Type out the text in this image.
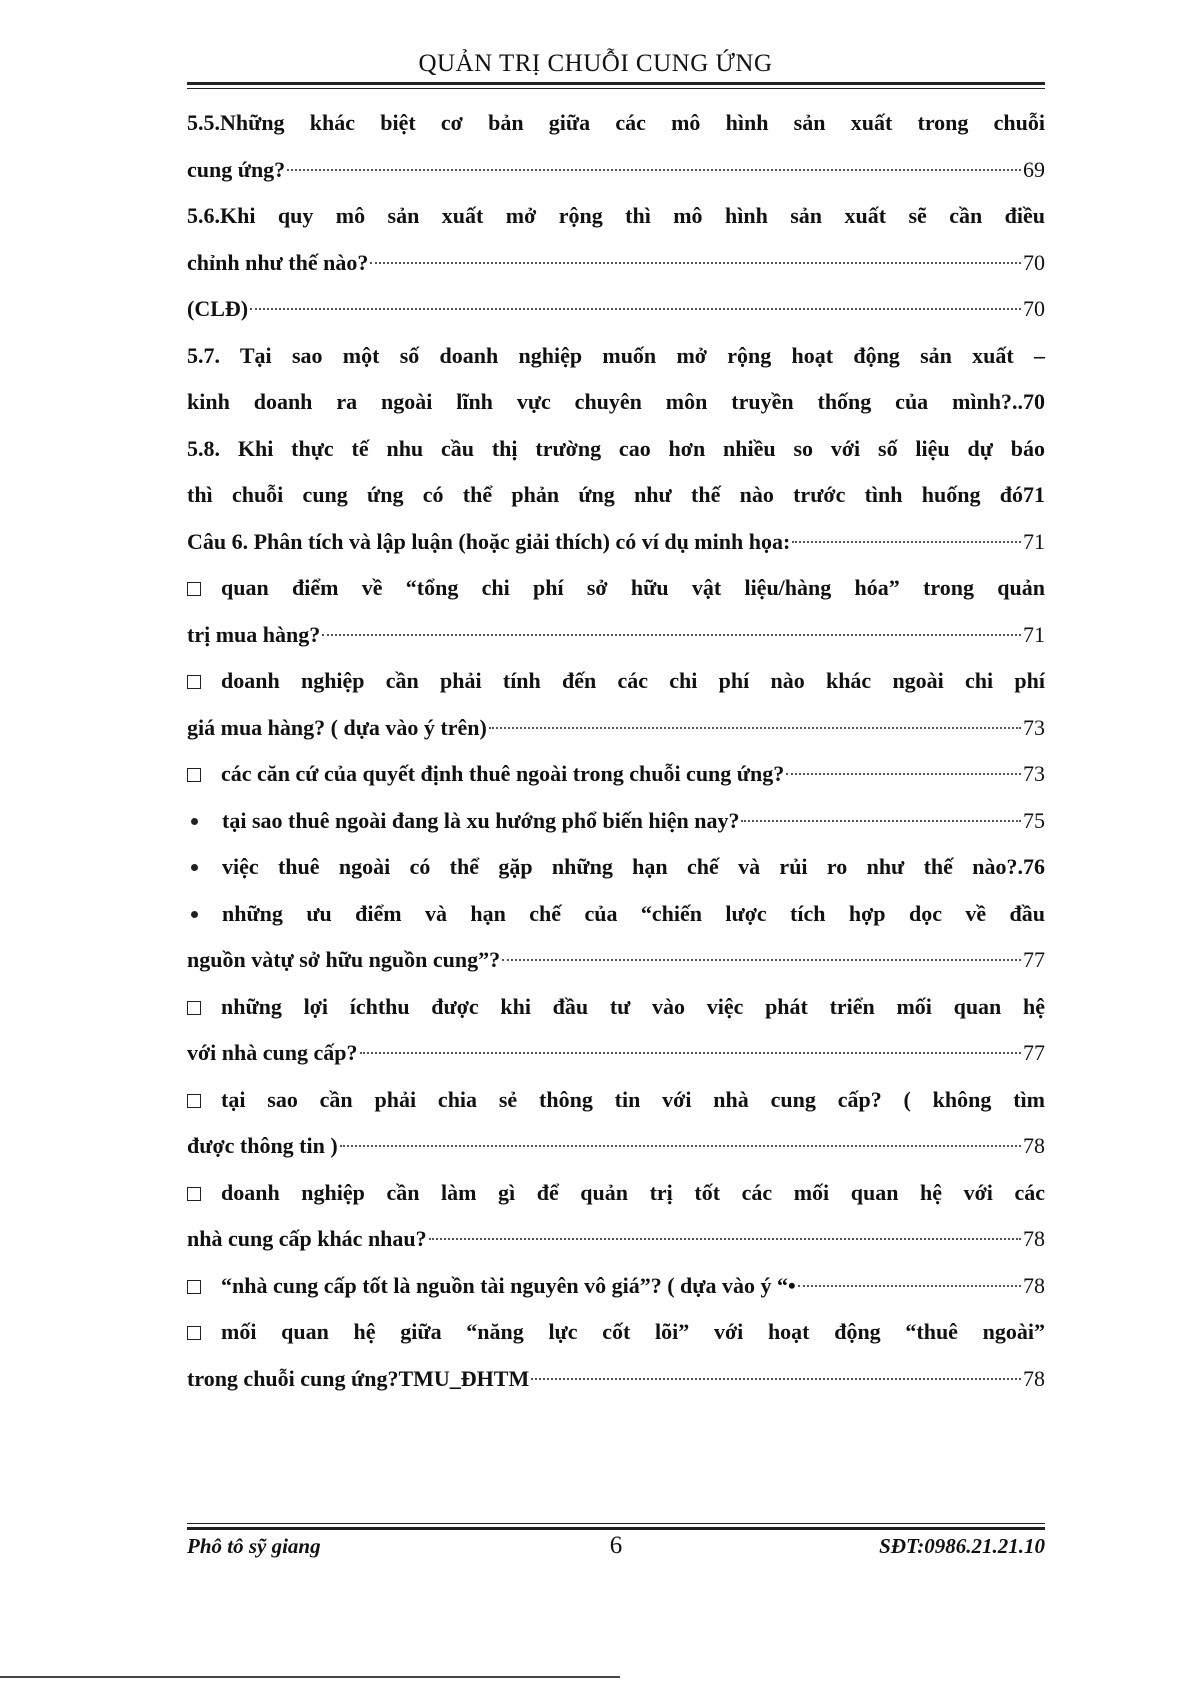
QUẢN TRỊ CHUỖI CUNG ỨNG
5.5.Những khác biệt cơ bản giữa các mô hình sản xuất trong chuỗi
cung ứng?	69
5.6.Khi quy mô sản xuất mở rộng thì mô hình sản xuất sẽ cần điều
chỉnh như thế nào?	70
(CLĐ)	70
5.7. Tại sao một số doanh nghiệp muốn mở rộng hoạt động sản xuất –
kinh doanh ra ngoài lĩnh vực chuyên môn truyền thống của mình?..70
5.8. Khi thực tế nhu cầu thị trường cao hơn nhiều so với số liệu dự báo
thì chuỗi cung ứng có thể phản ứng như thế nào trước tình huống đó71
Câu 6. Phân tích và lập luận (hoặc giải thích) có ví dụ minh họa:	71
quan điểm về “tổng chi phí sở hữu vật liệu/hàng hóa” trong quản
trị mua hàng?	71
doanh nghiệp cần phải tính đến các chi phí nào khác ngoài chi phí
giá mua hàng? ( dựa vào ý trên)	73
các căn cứ của quyết định thuê ngoài trong chuỗi cung ứng?	73
tại sao thuê ngoài đang là xu hướng phổ biến hiện nay?	75
việc thuê ngoài có thể gặp những hạn chế và rủi ro như thế nào?.76
những ưu điểm và hạn chế của “chiến lược tích hợp dọc về đầu
nguồn vàtự sở hữu nguồn cung”?	77
những lợi íchthu được khi đầu tư vào việc phát triển mối quan hệ
với nhà cung cấp?	77
tại sao cần phải chia sẻ thông tin với nhà cung cấp? ( không tìm
được thông tin )	78
doanh nghiệp cần làm gì để quản trị tốt các mối quan hệ với các
nhà cung cấp khác nhau?	78
“nhà cung cấp tốt là nguồn tài nguyên vô giá”? ( dựa vào ý “•	78
mối quan hệ giữa “năng lực cốt lõi” với hoạt động “thuê ngoài”
trong chuỗi cung ứng?TMU_ĐHTM	78
Phô tô sỹ giang	6	SĐT:0986.21.21.10
